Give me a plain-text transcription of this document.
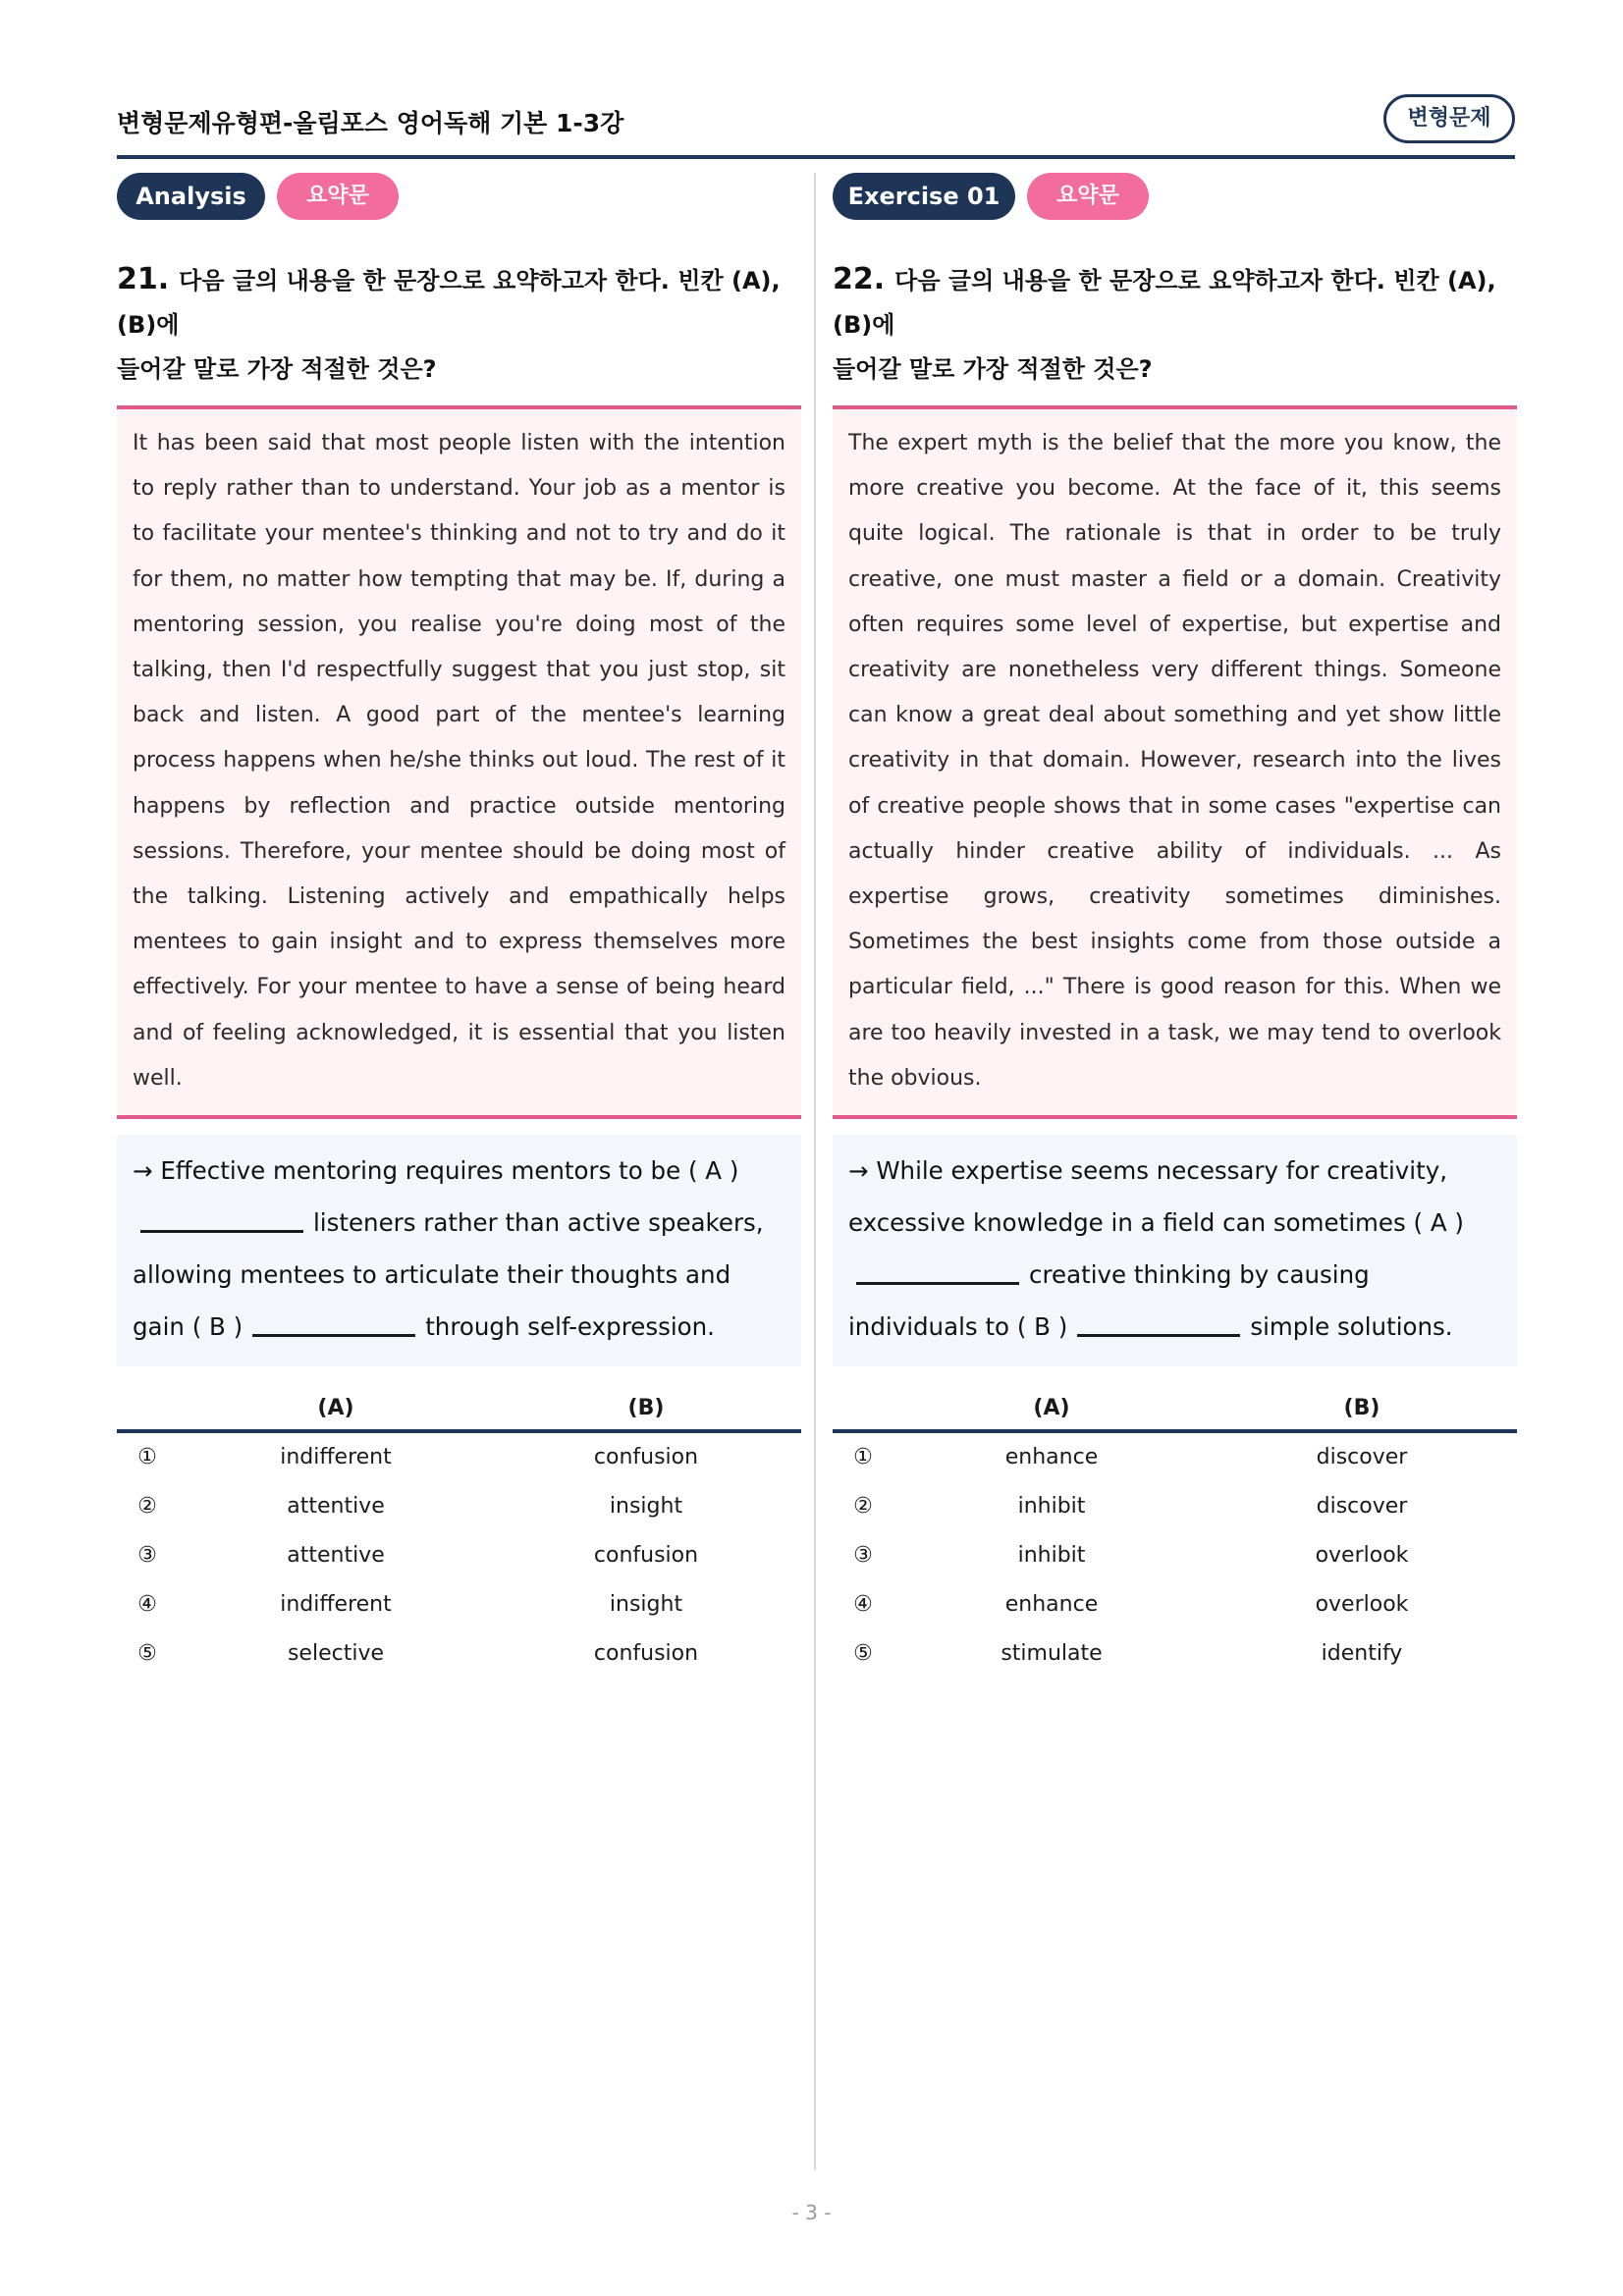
변형문제유형편-올림포스 영어독해 기본 1-3강	변형문제
Analysis	요약문
21. 다음 글의 내용을 한 문장으로 요약하고자 한다. 빈칸 (A), (B)에
들어갈 말로 가장 적절한 것은?
It has been said that most people listen with the intention to reply rather than to understand. Your job as a mentor is to facilitate your mentee's thinking and not to try and do it for them, no matter how tempting that may be. If, during a mentoring session, you realise you're doing most of the talking, then I'd respectfully suggest that you just stop, sit back and listen. A good part of the mentee's learning process happens when he/she thinks out loud. The rest of it happens by reflection and practice outside mentoring sessions. Therefore, your mentee should be doing most of the talking. Listening actively and empathically helps mentees to gain insight and to express themselves more effectively. For your mentee to have a sense of being heard and of feeling acknowledged, it is essential that you listen well.
→ Effective mentoring requires mentors to be ( A )
listeners rather than active speakers, allowing mentees to articulate their thoughts and gain ( B )	through self-expression.
(A)	(B)
①	indifferent	confusion
②	attentive	insight
③	attentive	confusion
④	indifferent	insight
⑤	selective	confusion
Exercise 01	요약문
22. 다음 글의 내용을 한 문장으로 요약하고자 한다. 빈칸 (A), (B)에
들어갈 말로 가장 적절한 것은?
The expert myth is the belief that the more you know, the more creative you become. At the face of it, this seems quite logical. The rationale is that in order to be truly creative, one must master a field or a domain. Creativity often requires some level of expertise, but expertise and creativity are nonetheless very different things. Someone can know a great deal about something and yet show little creativity in that domain. However, research into the lives of creative people shows that in some cases "expertise can actually hinder creative ability of individuals. ... As expertise grows, creativity sometimes diminishes. Sometimes the best insights come from those outside a particular field, ..." There is good reason for this. When we are too heavily invested in a task, we may tend to overlook the obvious.
→ While expertise seems necessary for creativity, excessive knowledge in a field can sometimes ( A )
creative thinking by causing individuals to ( B )	simple solutions.
(A)	(B)
①	enhance	discover
②	inhibit	discover
③	inhibit	overlook
④	enhance	overlook
⑤	stimulate	identify
- 3 -
